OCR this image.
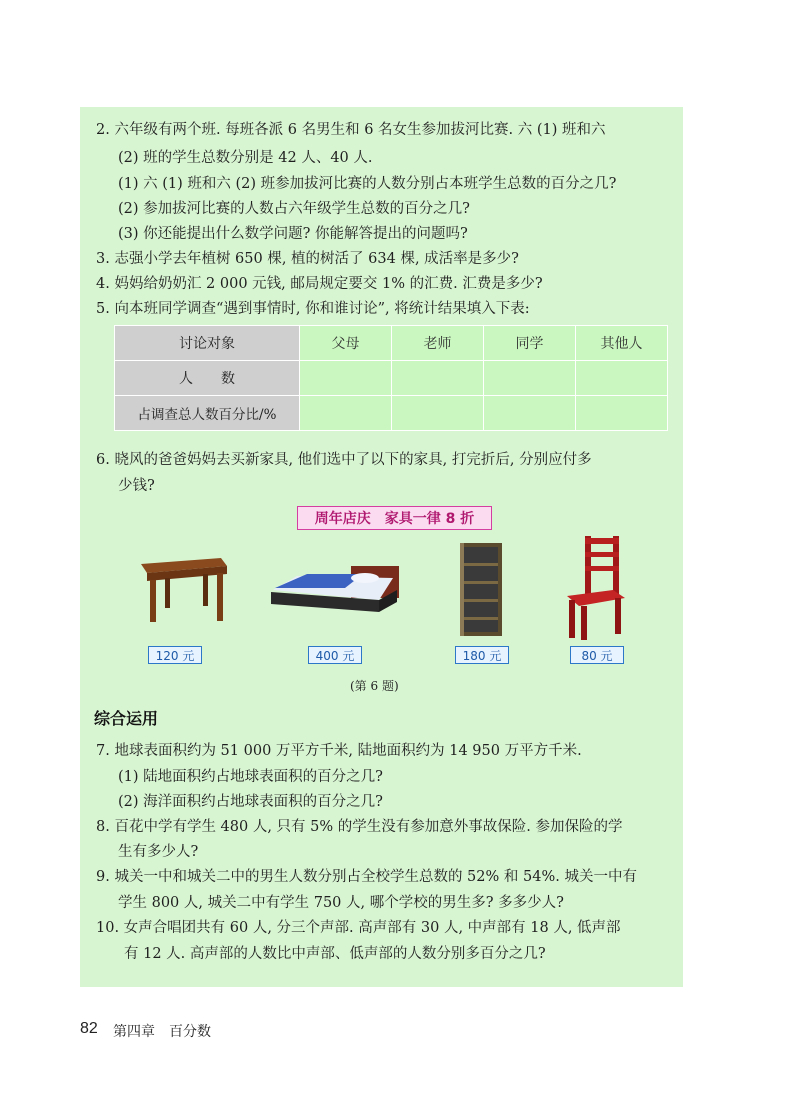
2. 六年级有两个班. 每班各派 6 名男生和 6 名女生参加拔河比赛. 六 (1) 班和六
(2) 班的学生总数分别是 42 人、40 人.
(1) 六 (1) 班和六 (2) 班参加拔河比赛的人数分别占本班学生总数的百分之几?
(2) 参加拔河比赛的人数占六年级学生总数的百分之几?
(3) 你还能提出什么数学问题? 你能解答提出的问题吗?
3. 志强小学去年植树 650 棵, 植的树活了 634 棵, 成活率是多少?
4. 妈妈给奶奶汇 2 000 元钱, 邮局规定要交 1% 的汇费. 汇费是多少?
5. 向本班同学调查“遇到事情时, 你和谁讨论”, 将统计结果填入下表:
讨论对象	父母	老师	同学	其他人
人　　数				
占调查总人数百分比/%				
6. 晓风的爸爸妈妈去买新家具, 他们选中了以下的家具, 打完折后, 分别应付多
少钱?
周年店庆　家具一律 8 折
120 元	400 元	180 元	80 元
(第 6 题)
综合运用
7. 地球表面积约为 51 000 万平方千米, 陆地面积约为 14 950 万平方千米.
(1) 陆地面积约占地球表面积的百分之几?
(2) 海洋面积约占地球表面积的百分之几?
8. 百花中学有学生 480 人, 只有 5% 的学生没有参加意外事故保险. 参加保险的学
生有多少人?
9. 城关一中和城关二中的男生人数分别占全校学生总数的 52% 和 54%. 城关一中有
学生 800 人, 城关二中有学生 750 人, 哪个学校的男生多? 多多少人?
10. 女声合唱团共有 60 人, 分三个声部. 高声部有 30 人, 中声部有 18 人, 低声部
有 12 人. 高声部的人数比中声部、低声部的人数分别多百分之几?
82 第四章　百分数
